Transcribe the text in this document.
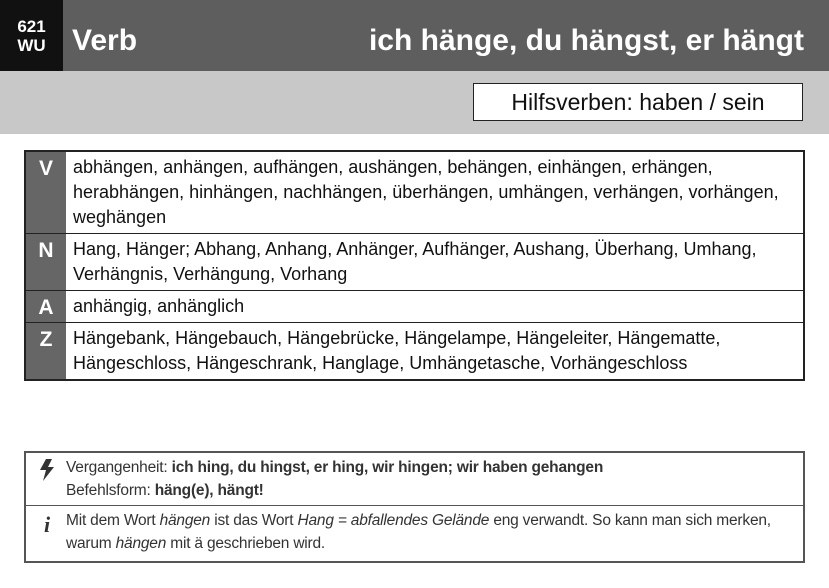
621
WU Verb	ich hänge, du hängst, er hängt
Hilfsverben: haben / sein
V	abhängen, anhängen, aufhängen, aushängen, behängen, einhängen, erhängen, herabhängen, hinhängen, nachhängen, überhängen, umhängen, verhängen, vorhängen, weghängen
N	Hang, Hänger; Abhang, Anhang, Anhänger, Aufhänger, Aushang, Überhang, Umhang, Verhängnis, Verhängung, Vorhang
A	anhängig, anhänglich
Z	Hängebank, Hängebauch, Hängebrücke, Hängelampe, Hängeleiter, Hängematte, Hängeschloss, Hängeschrank, Hanglage, Umhängetasche, Vorhängeschloss
Vergangenheit: ich hing, du hingst, er hing, wir hingen; wir haben gehangen
Befehlsform: häng(e), hängt!
i Mit dem Wort hängen ist das Wort Hang = abfallendes Gelände eng verwandt. So kann man sich merken, warum hängen mit ä geschrieben wird.
